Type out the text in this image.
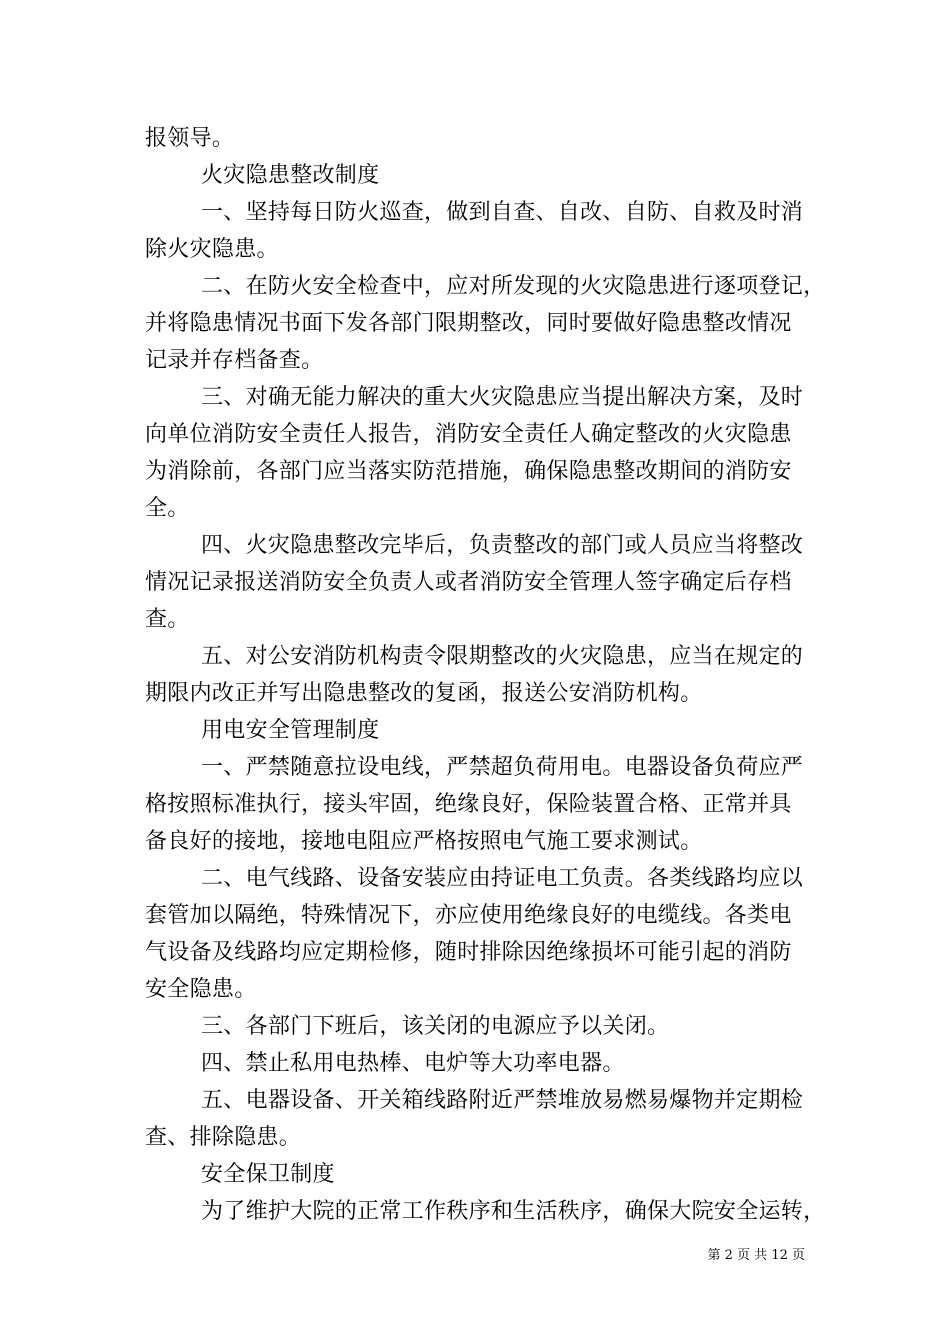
报领导。
火灾隐患整改制度
一、坚持每日防火巡查，做到自查、自改、自防、自救及时消
除火灾隐患。
二、在防火安全检查中，应对所发现的火灾隐患进行逐项登记，
并将隐患情况书面下发各部门限期整改，同时要做好隐患整改情况
记录并存档备查。
三、对确无能力解决的重大火灾隐患应当提出解决方案，及时
向单位消防安全责任人报告，消防安全责任人确定整改的火灾隐患
为消除前，各部门应当落实防范措施，确保隐患整改期间的消防安
全。
四、火灾隐患整改完毕后，负责整改的部门或人员应当将整改
情况记录报送消防安全负责人或者消防安全管理人签字确定后存档
查。
五、对公安消防机构责令限期整改的火灾隐患，应当在规定的
期限内改正并写出隐患整改的复函，报送公安消防机构。
用电安全管理制度
一、严禁随意拉设电线，严禁超负荷用电。电器设备负荷应严
格按照标准执行，接头牢固，绝缘良好，保险装置合格、正常并具
备良好的接地，接地电阻应严格按照电气施工要求测试。
二、电气线路、设备安装应由持证电工负责。各类线路均应以
套管加以隔绝，特殊情况下，亦应使用绝缘良好的电缆线。各类电
气设备及线路均应定期检修，随时排除因绝缘损坏可能引起的消防
安全隐患。
三、各部门下班后，该关闭的电源应予以关闭。
四、禁止私用电热棒、电炉等大功率电器。
五、电器设备、开关箱线路附近严禁堆放易燃易爆物并定期检
查、排除隐患。
安全保卫制度
为了维护大院的正常工作秩序和生活秩序，确保大院安全运转，
第 2 页 共 12 页
